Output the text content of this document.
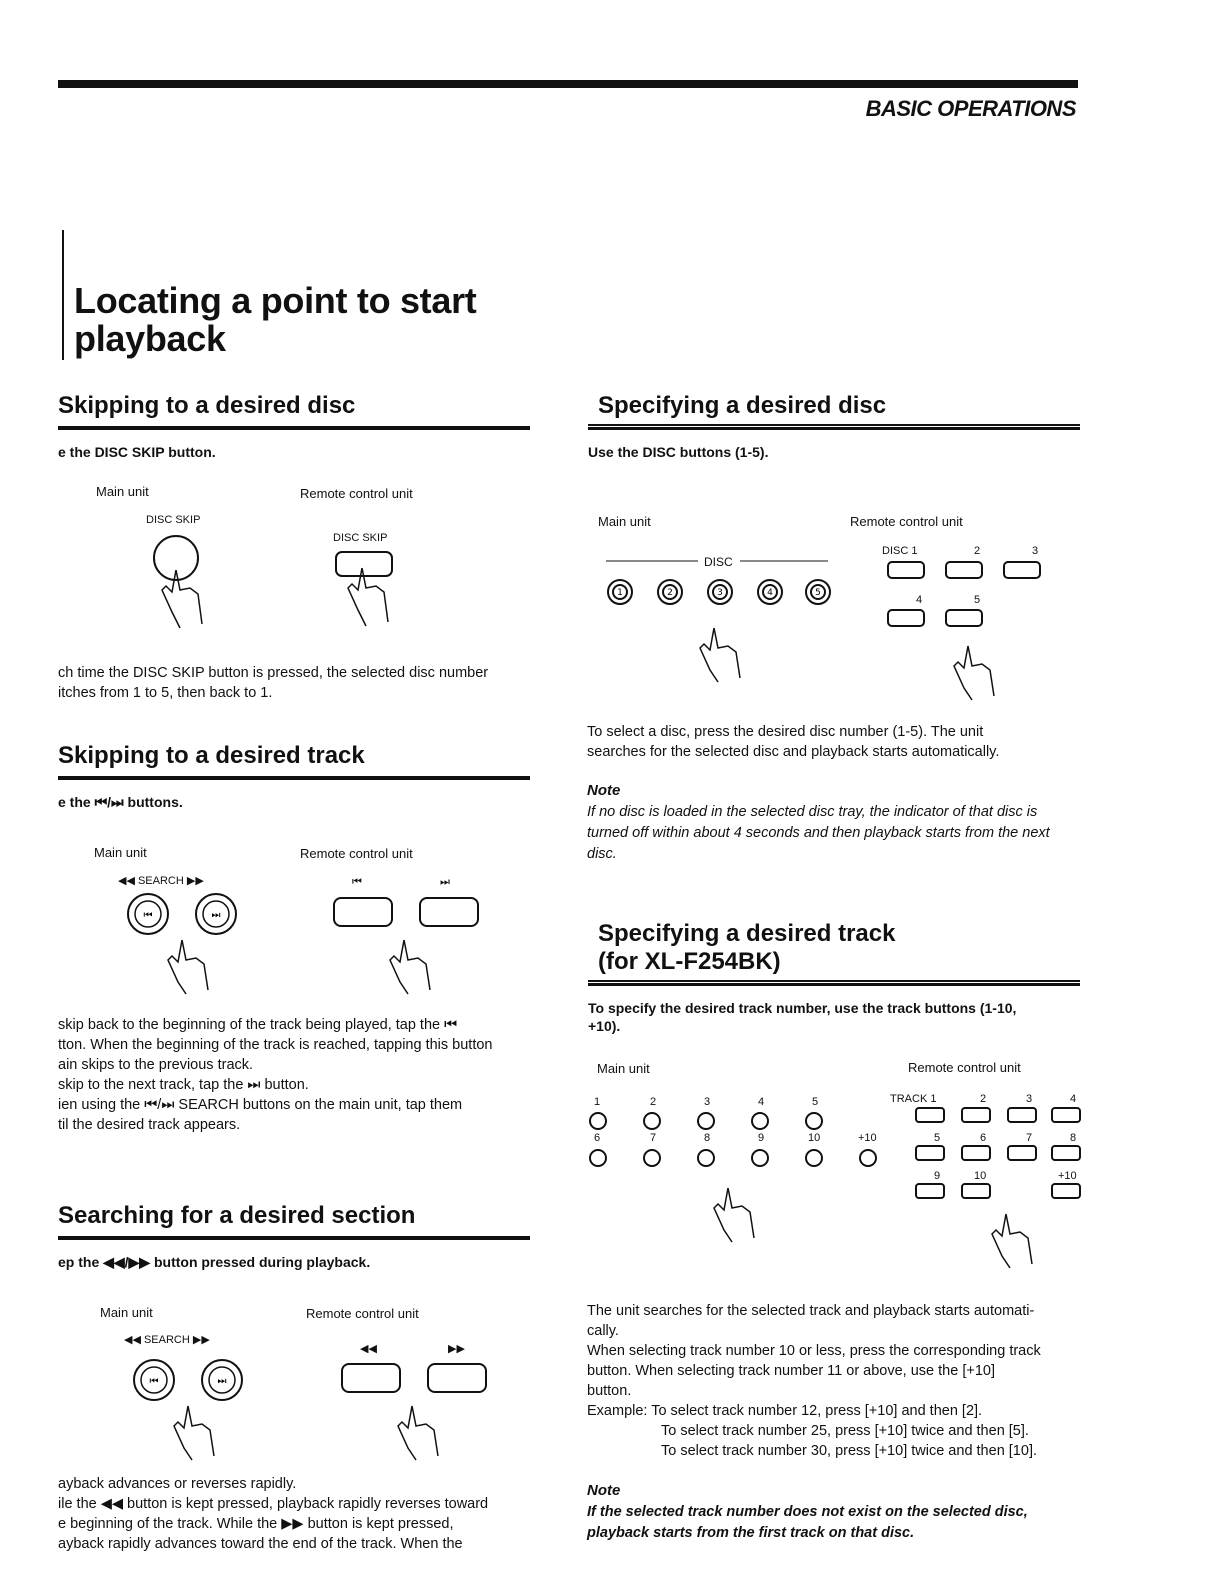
BASIC OPERATIONS
Locating a point to start
playback
Skipping to a desired disc
e the DISC SKIP button.
Main unit	Remote control unit
DISC SKIP
DISC SKIP
ch time the DISC SKIP button is pressed, the selected disc number
itches from 1 to 5, then back to 1.
Skipping to a desired track
e the ⏮/⏭ buttons.
Main unit	Remote control unit
◀◀ SEARCH ▶▶	⏮	⏭
⏮	⏭
skip back to the beginning of the track being played, tap the ⏮
tton. When the beginning of the track is reached, tapping this button
ain skips to the previous track.
skip to the next track, tap the ⏭ button.
ien using the ⏮/⏭ SEARCH buttons on the main unit, tap them
til the desired track appears.
Searching for a desired section
ep the ◀◀/▶▶ button pressed during playback.
Main unit	Remote control unit
◀◀ SEARCH ▶▶
◀◀	▶▶
⏮	⏭
ayback advances or reverses rapidly.
ile the ◀◀ button is kept pressed, playback rapidly reverses toward
e beginning of the track. While the ▶▶ button is kept pressed,
ayback rapidly advances toward the end of the track. When the
Specifying a desired disc
Use the DISC buttons (1-5).
Main unit	Remote control unit
DISC
1	2	3	4	5
DISC 1	2	3
4	5
To select a disc, press the desired disc number (1-5). The unit
searches for the selected disc and playback starts automatically.
Note
If no disc is loaded in the selected disc tray, the indicator of that disc is
turned off within about 4 seconds and then playback starts from the next
disc.
Specifying a desired track
(for XL-F254BK)
To specify the desired track number, use the track buttons (1-10,
+10).
Main unit	Remote control unit
1	2	3	4	5
6	7	8	9	10	+10
TRACK 1	2	3	4
5	6	7	8
9	10	+10
The unit searches for the selected track and playback starts automati-
cally.
When selecting track number 10 or less, press the corresponding track
button. When selecting track number 11 or above, use the [+10]
button.
Example: To select track number 12, press [+10] and then [2].
To select track number 25, press [+10] twice and then [5].
To select track number 30, press [+10] twice and then [10].
Note
If the selected track number does not exist on the selected disc,
playback starts from the first track on that disc.
